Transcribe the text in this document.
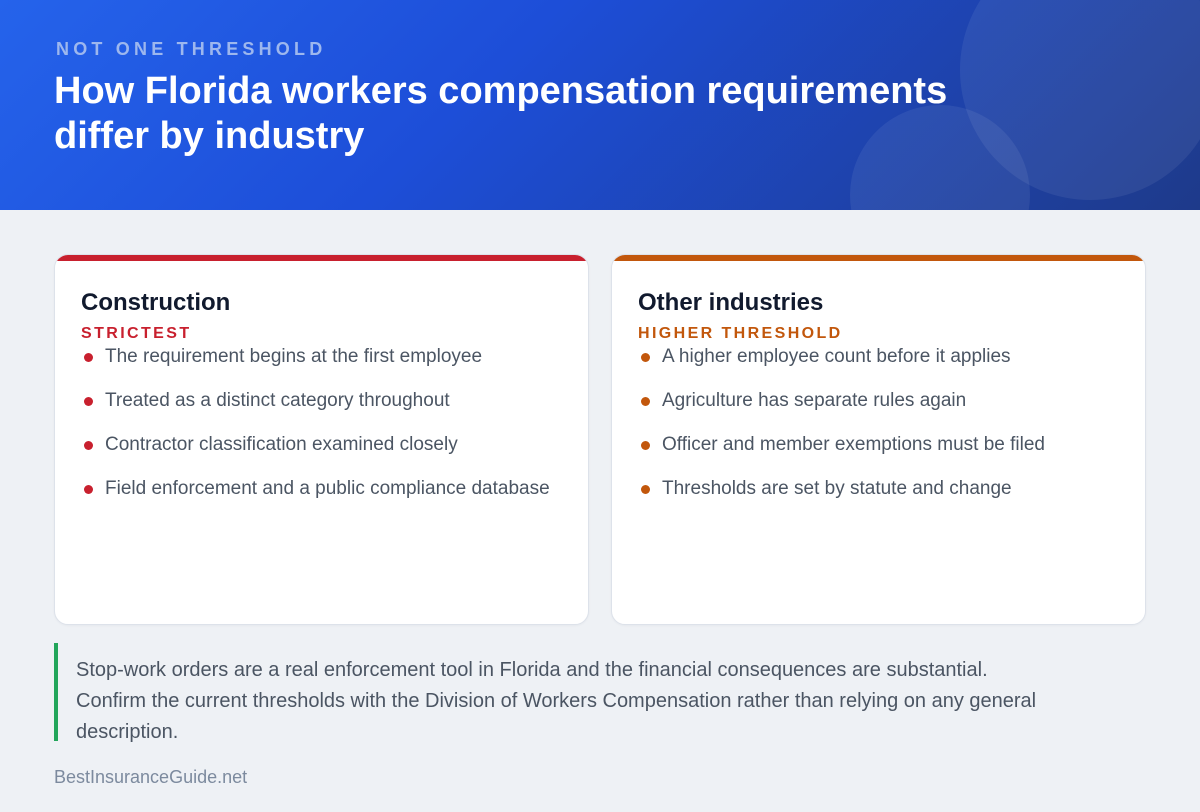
NOT ONE THRESHOLD
How Florida workers compensation requirements differ by industry
Construction
STRICTEST
The requirement begins at the first employee
Treated as a distinct category throughout
Contractor classification examined closely
Field enforcement and a public compliance database
Other industries
HIGHER THRESHOLD
A higher employee count before it applies
Agriculture has separate rules again
Officer and member exemptions must be filed
Thresholds are set by statute and change
Stop-work orders are a real enforcement tool in Florida and the financial consequences are substantial. Confirm the current thresholds with the Division of Workers Compensation rather than relying on any general description.
BestInsuranceGuide.net
